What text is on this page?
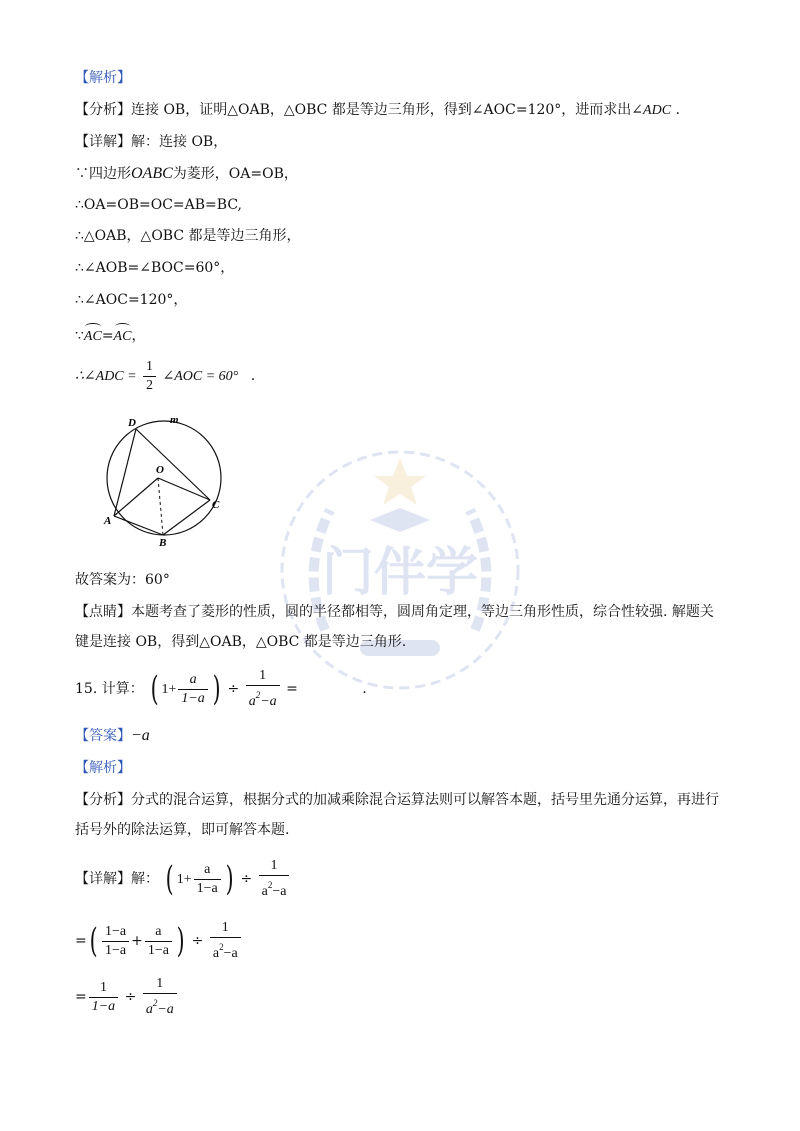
门伴学
【解析】
【分析】连接 OB，证明△OAB，△OBC 都是等边三角形，得到∠AOC=120°，进而求出∠ADC .
【详解】解：连接 OB，
∵四边形OABC为菱形，OA=OB，
∴OA=OB=OC=AB=BC,
∴△OAB，△OBC 都是等边三角形，
∴∠AOB=∠BOC=60°，
∴∠AOC=120°，
∵AC=AC，
∴∠ADC = $\frac{1}{2}$ ∠AOC = 60° .
D	m
O
A
C
B
故答案为：60°
【点睛】本题考查了菱形的性质，圆的半径都相等，圆周角定理，等边三角形性质，综合性较强. 解题关
键是连接 OB，得到△OAB，△OBC 都是等边三角形.
15. 计算： ( $1+ \frac{a}{1-a}$ ) ÷ $\frac{1}{a^2-a}$ =	.
【答案】−a
【解析】
【分析】分式的混合运算，根据分式的加减乘除混合运算法则可以解答本题，括号里先通分运算，再进行
括号外的除法运算，即可解答本题.
【详解】解： ( $1+ \frac{a}{1-a}$ ) ÷ $\frac{1}{a^2-a}$
=( $\frac{1-a}{1-a} + \frac{a}{1-a}$ ) ÷ $\frac{1}{a^2-a}$
= $\frac{1}{1-a} \div \frac{1}{a^2-a}$
